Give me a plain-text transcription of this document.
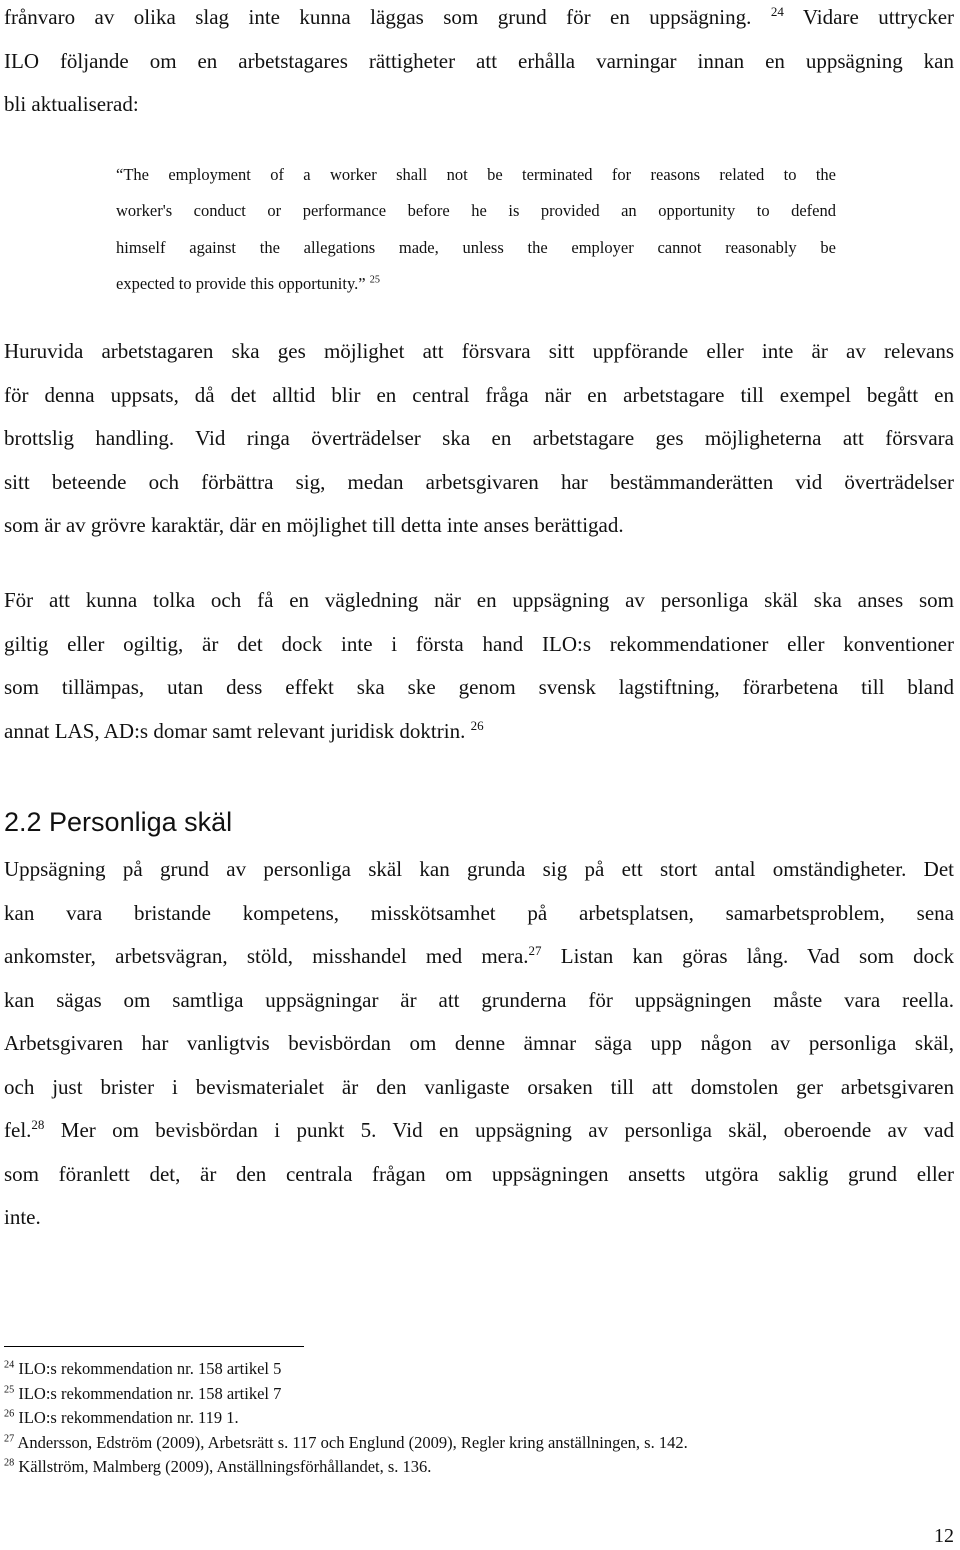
frånvaro av olika slag inte kunna läggas som grund för en uppsägning. $^{24}$ Vidare uttrycker
ILO följande om en arbetstagares rättigheter att erhålla varningar innan en uppsägning kan
bli aktualiserad:

“The employment of a worker shall not be terminated for reasons related to the
worker's conduct or performance before he is provided an opportunity to defend
himself against the allegations made, unless the employer cannot reasonably be
expected to provide this opportunity.” $^{25}$

Huruvida arbetstagaren ska ges möjlighet att försvara sitt uppförande eller inte är av relevans
för denna uppsats, då det alltid blir en central fråga när en arbetstagare till exempel begått en
brottslig handling. Vid ringa överträdelser ska en arbetstagare ges möjligheterna att försvara
sitt beteende och förbättra sig, medan arbetsgivaren har bestämmanderätten vid överträdelser
som är av grövre karaktär, där en möjlighet till detta inte anses berättigad.

För att kunna tolka och få en vägledning när en uppsägning av personliga skäl ska anses som
giltig eller ogiltig, är det dock inte i första hand ILO:s rekommendationer eller konventioner
som tillämpas, utan dess effekt ska ske genom svensk lagstiftning, förarbetena till bland
annat LAS, AD:s domar samt relevant juridisk doktrin. $^{26}$

2.2 Personliga skäl

Uppsägning på grund av personliga skäl kan grunda sig på ett stort antal omständigheter. Det
kan vara bristande kompetens, misskötsamhet på arbetsplatsen, samarbetsproblem, sena
ankomster, arbetsvägran, stöld, misshandel med mera.$^{27}$ Listan kan göras lång. Vad som dock
kan sägas om samtliga uppsägningar är att grunderna för uppsägningen måste vara reella.
Arbetsgivaren har vanligtvis bevisbördan om denne ämnar säga upp någon av personliga skäl,
och just brister i bevismaterialet är den vanligaste orsaken till att domstolen ger arbetsgivaren
fel.$^{28}$ Mer om bevisbördan i punkt 5. Vid en uppsägning av personliga skäl, oberoende av vad
som föranlett det, är den centrala frågan om uppsägningen ansetts utgöra saklig grund eller
inte.

$^{24}$ ILO:s rekommendation nr. 158 artikel 5
$^{25}$ ILO:s rekommendation nr. 158 artikel 7
$^{26}$ ILO:s rekommendation nr. 119 1.
$^{27}$ Andersson, Edström (2009), Arbetsrätt s. 117 och Englund (2009), Regler kring anställningen, s. 142.
$^{28}$ Källström, Malmberg (2009), Anställningsförhållandet, s. 136.
12
